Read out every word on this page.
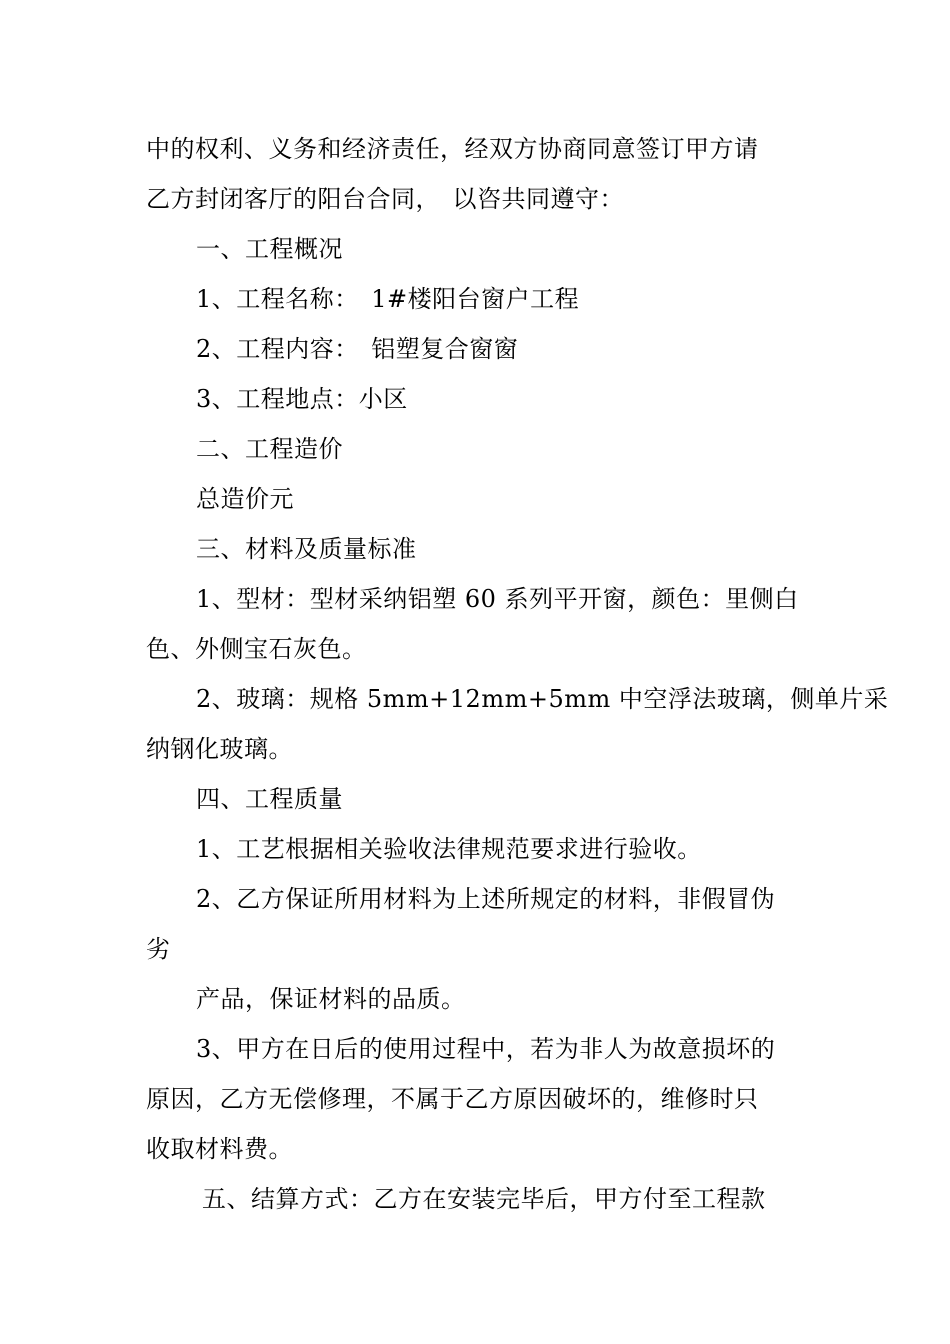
中的权利、义务和经济责任，经双方协商同意签订甲方请
乙方封闭客厅的阳台合同，　以咨共同遵守：
一、工程概况
1、工程名称：　1#楼阳台窗户工程
2、工程内容：　铝塑复合窗窗
3、工程地点：小区
二、工程造价
总造价元
三、材料及质量标准
1、型材：型材采纳铝塑 60 系列平开窗，颜色：里侧白
色、外侧宝石灰色。
2、玻璃：规格 5mm+12mm+5mm 中空浮法玻璃，侧单片采
纳钢化玻璃。
四、工程质量
1、工艺根据相关验收法律规范要求进行验收。
2、乙方保证所用材料为上述所规定的材料，非假冒伪
劣
产品，保证材料的品质。
3、甲方在日后的使用过程中，若为非人为故意损坏的
原因，乙方无偿修理，不属于乙方原因破坏的，维修时只
收取材料费。
五、结算方式：乙方在安装完毕后，甲方付至工程款
